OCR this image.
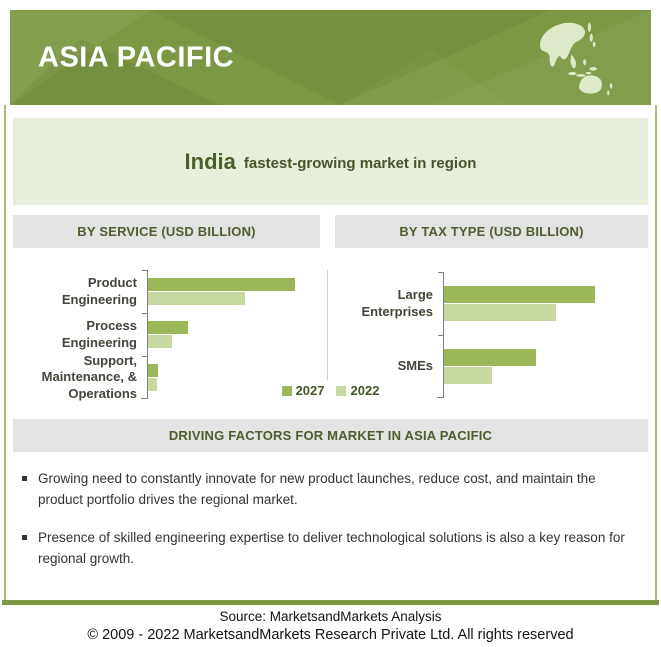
ASIA PACIFIC
India fastest-growing market in region
BY SERVICE (USD BILLION)
Product Engineering
Process Engineering
Support, Maintenance, & Operations
BY TAX TYPE (USD BILLION)
Large Enterprises
SMEs
2027 2022
DRIVING FACTORS FOR MARKET IN ASIA PACIFIC
Growing need to constantly innovate for new product launches, reduce cost, and maintain the product portfolio drives the regional market.
Presence of skilled engineering expertise to deliver technological solutions is also a key reason for regional growth.
Source: MarketsandMarkets Analysis
© 2009 - 2022 MarketsandMarkets Research Private Ltd. All rights reserved
